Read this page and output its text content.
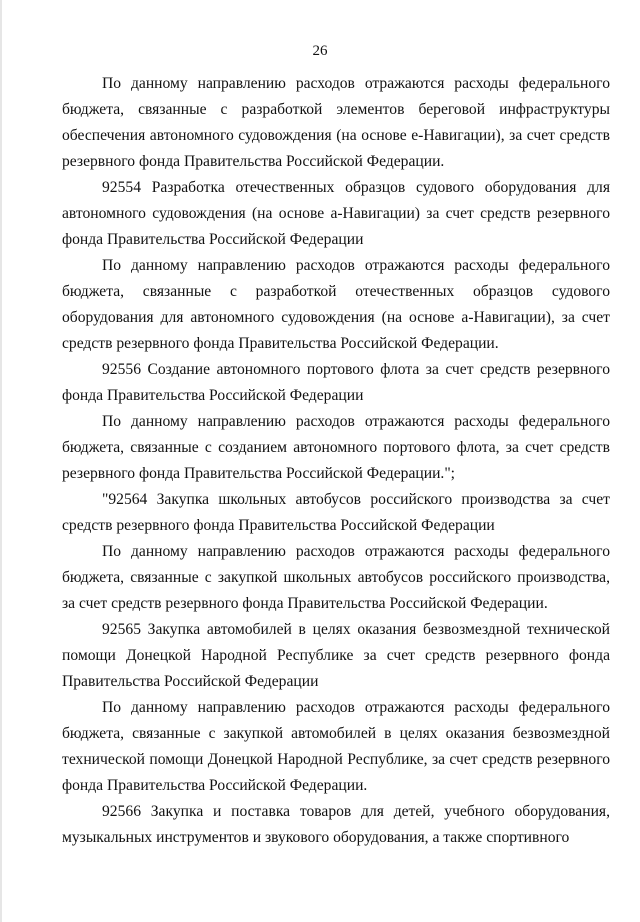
26

По данному направлению расходов отражаются расходы федерального бюджета, связанные с разработкой элементов береговой инфраструктуры обеспечения автономного судовождения (на основе е-Навигации), за счет средств резервного фонда Правительства Российской Федерации.

92554 Разработка отечественных образцов судового оборудования для автономного судовождения (на основе а-Навигации) за счет средств резервного фонда Правительства Российской Федерации

По данному направлению расходов отражаются расходы федерального бюджета, связанные с разработкой отечественных образцов судового оборудования для автономного судовождения (на основе а-Навигации), за счет средств резервного фонда Правительства Российской Федерации.

92556 Создание автономного портового флота за счет средств резервного фонда Правительства Российской Федерации

По данному направлению расходов отражаются расходы федерального бюджета, связанные с созданием автономного портового флота, за счет средств резервного фонда Правительства Российской Федерации.";

"92564 Закупка школьных автобусов российского производства за счет средств резервного фонда Правительства Российской Федерации

По данному направлению расходов отражаются расходы федерального бюджета, связанные с закупкой школьных автобусов российского производства, за счет средств резервного фонда Правительства Российской Федерации.

92565 Закупка автомобилей в целях оказания безвозмездной технической помощи Донецкой Народной Республике за счет средств резервного фонда Правительства Российской Федерации

По данному направлению расходов отражаются расходы федерального бюджета, связанные с закупкой автомобилей в целях оказания безвозмездной технической помощи Донецкой Народной Республике, за счет средств резервного фонда Правительства Российской Федерации.

92566 Закупка и поставка товаров для детей, учебного оборудования, музыкальных инструментов и звукового оборудования, а также спортивного
